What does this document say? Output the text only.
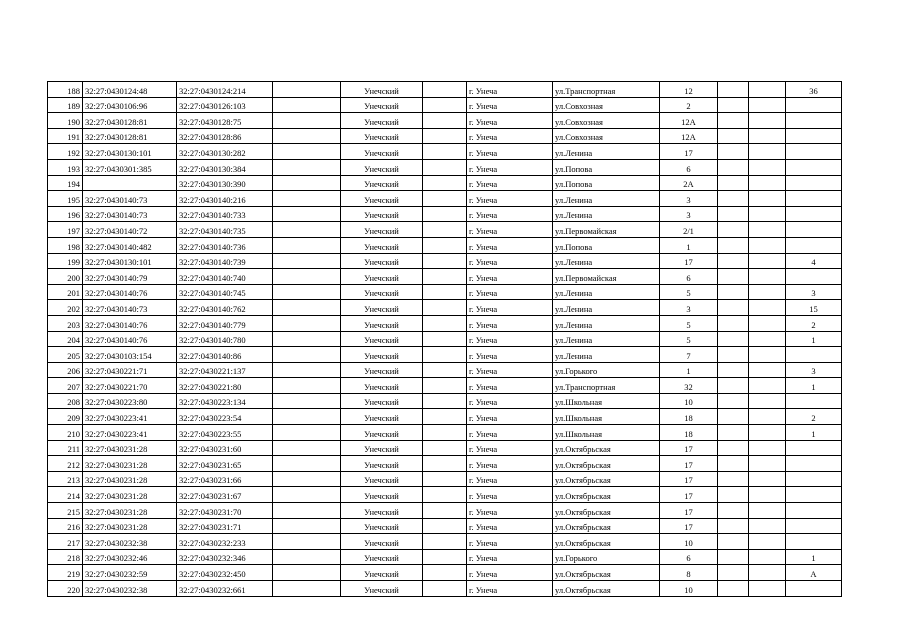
188	32:27:0430124:48	32:27:0430124:214		Унечский		г. Унеча	ул.Транспортная	12			36
189	32:27:0430106:96	32:27:0430126:103		Унечский		г. Унеча	ул.Совхозная	2			
190	32:27:0430128:81	32:27:0430128:75		Унечский		г. Унеча	ул.Совхозная	12А			
191	32:27:0430128:81	32:27:0430128:86		Унечский		г. Унеча	ул.Совхозная	12А			
192	32:27:0430130:101	32:27:0430130:282		Унечский		г. Унеча	ул.Ленина	17			
193	32:27:0430301:385	32:27:0430130:384		Унечский		г. Унеча	ул.Попова	6			
194		32:27:0430130:390		Унечский		г. Унеча	ул.Попова	2А			
195	32:27:0430140:73	32:27:0430140:216		Унечский		г. Унеча	ул.Ленина	3			
196	32:27:0430140:73	32:27:0430140:733		Унечский		г. Унеча	ул.Ленина	3			
197	32:27:0430140:72	32:27:0430140:735		Унечский		г. Унеча	ул.Первомайская	2/1			
198	32:27:0430140:482	32:27:0430140:736		Унечский		г. Унеча	ул.Попова	1			
199	32:27:0430130:101	32:27:0430140:739		Унечский		г. Унеча	ул.Ленина	17			4
200	32:27:0430140:79	32:27:0430140:740		Унечский		г. Унеча	ул.Первомайская	6			
201	32:27:0430140:76	32:27:0430140:745		Унечский		г. Унеча	ул.Ленина	5			3
202	32:27:0430140:73	32:27:0430140:762		Унечский		г. Унеча	ул.Ленина	3			15
203	32:27:0430140:76	32:27:0430140:779		Унечский		г. Унеча	ул.Ленина	5			2
204	32:27:0430140:76	32:27:0430140:780		Унечский		г. Унеча	ул.Ленина	5			1
205	32:27:0430103:154	32:27:0430140:86		Унечский		г. Унеча	ул.Ленина	7			
206	32:27:0430221:71	32:27:0430221:137		Унечский		г. Унеча	ул.Горького	1			3
207	32:27:0430221:70	32:27:0430221:80		Унечский		г. Унеча	ул.Транспортная	32			1
208	32:27:0430223:80	32:27:0430223:134		Унечский		г. Унеча	ул.Школьная	10			
209	32:27:0430223:41	32:27:0430223:54		Унечский		г. Унеча	ул.Школьная	18			2
210	32:27:0430223:41	32:27:0430223:55		Унечский		г. Унеча	ул.Школьная	18			1
211	32:27:0430231:28	32:27:0430231:60		Унечский		г. Унеча	ул.Октябрьская	17			
212	32:27:0430231:28	32:27:0430231:65		Унечский		г. Унеча	ул.Октябрьская	17			
213	32:27:0430231:28	32:27:0430231:66		Унечский		г. Унеча	ул.Октябрьская	17			
214	32:27:0430231:28	32:27:0430231:67		Унечский		г. Унеча	ул.Октябрьская	17			
215	32:27:0430231:28	32:27:0430231:70		Унечский		г. Унеча	ул.Октябрьская	17			
216	32:27:0430231:28	32:27:0430231:71		Унечский		г. Унеча	ул.Октябрьская	17			
217	32:27:0430232:38	32:27:0430232:233		Унечский		г. Унеча	ул.Октябрьская	10			
218	32:27:0430232:46	32:27:0430232:346		Унечский		г. Унеча	ул.Горького	6			1
219	32:27:0430232:59	32:27:0430232:450		Унечский		г. Унеча	ул.Октябрьская	8			А
220	32:27:0430232:38	32:27:0430232:661		Унечский		г. Унеча	ул.Октябрьская	10			
